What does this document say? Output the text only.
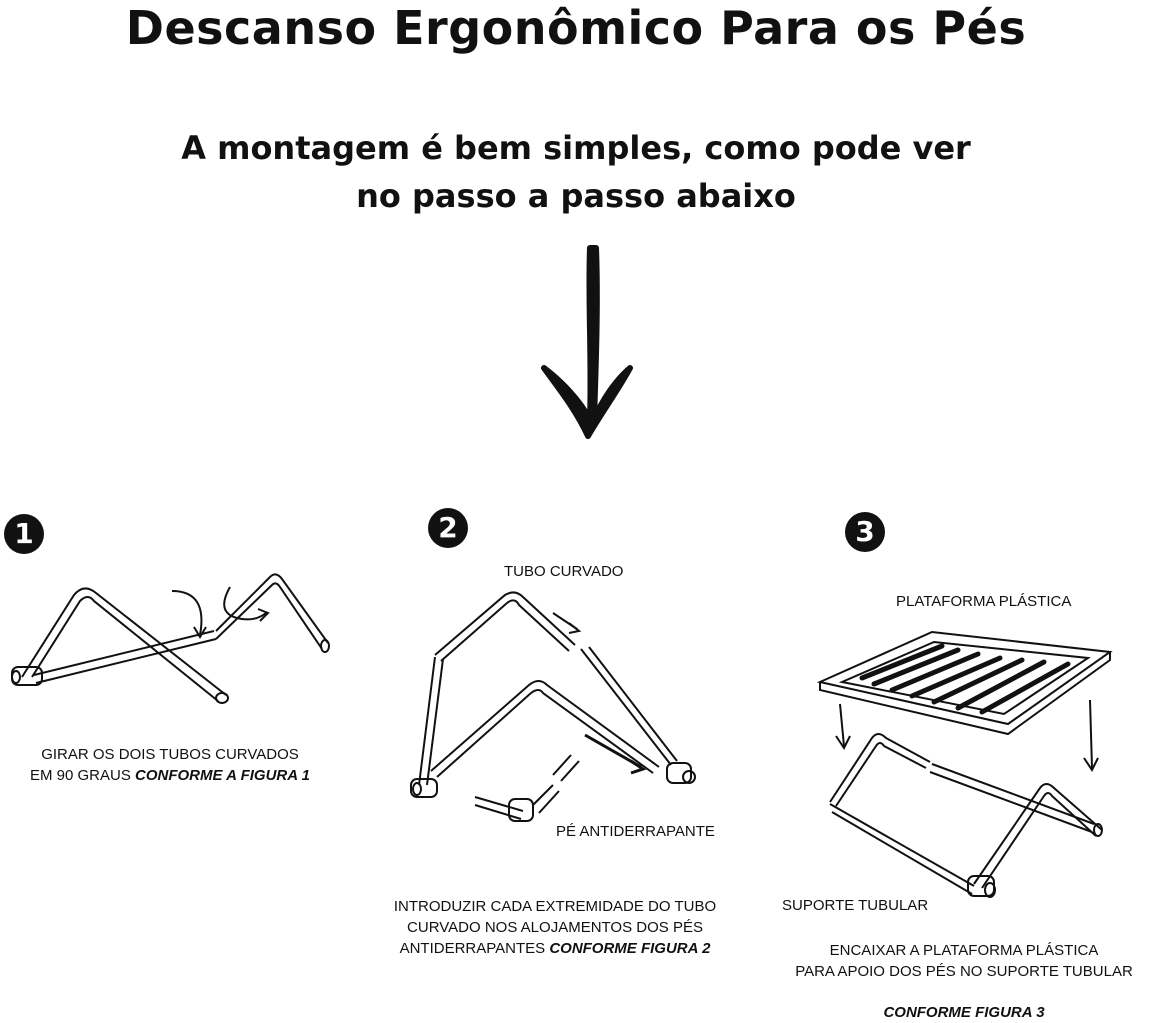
Descanso Ergonômico Para os Pés
A montagem é bem simples, como pode ver
no passo a passo abaixo
1
GIRAR OS DOIS TUBOS CURVADOS
EM 90 GRAUS CONFORME A FIGURA 1
2
TUBO CURVADO
PÉ ANTIDERRAPANTE
INTRODUZIR CADA EXTREMIDADE DO TUBO
CURVADO NOS ALOJAMENTOS DOS PÉS
ANTIDERRAPANTES CONFORME FIGURA 2
3
PLATAFORMA PLÁSTICA
SUPORTE TUBULAR
ENCAIXAR A PLATAFORMA PLÁSTICA
PARA APOIO DOS PÉS NO SUPORTE TUBULAR
CONFORME FIGURA 3
